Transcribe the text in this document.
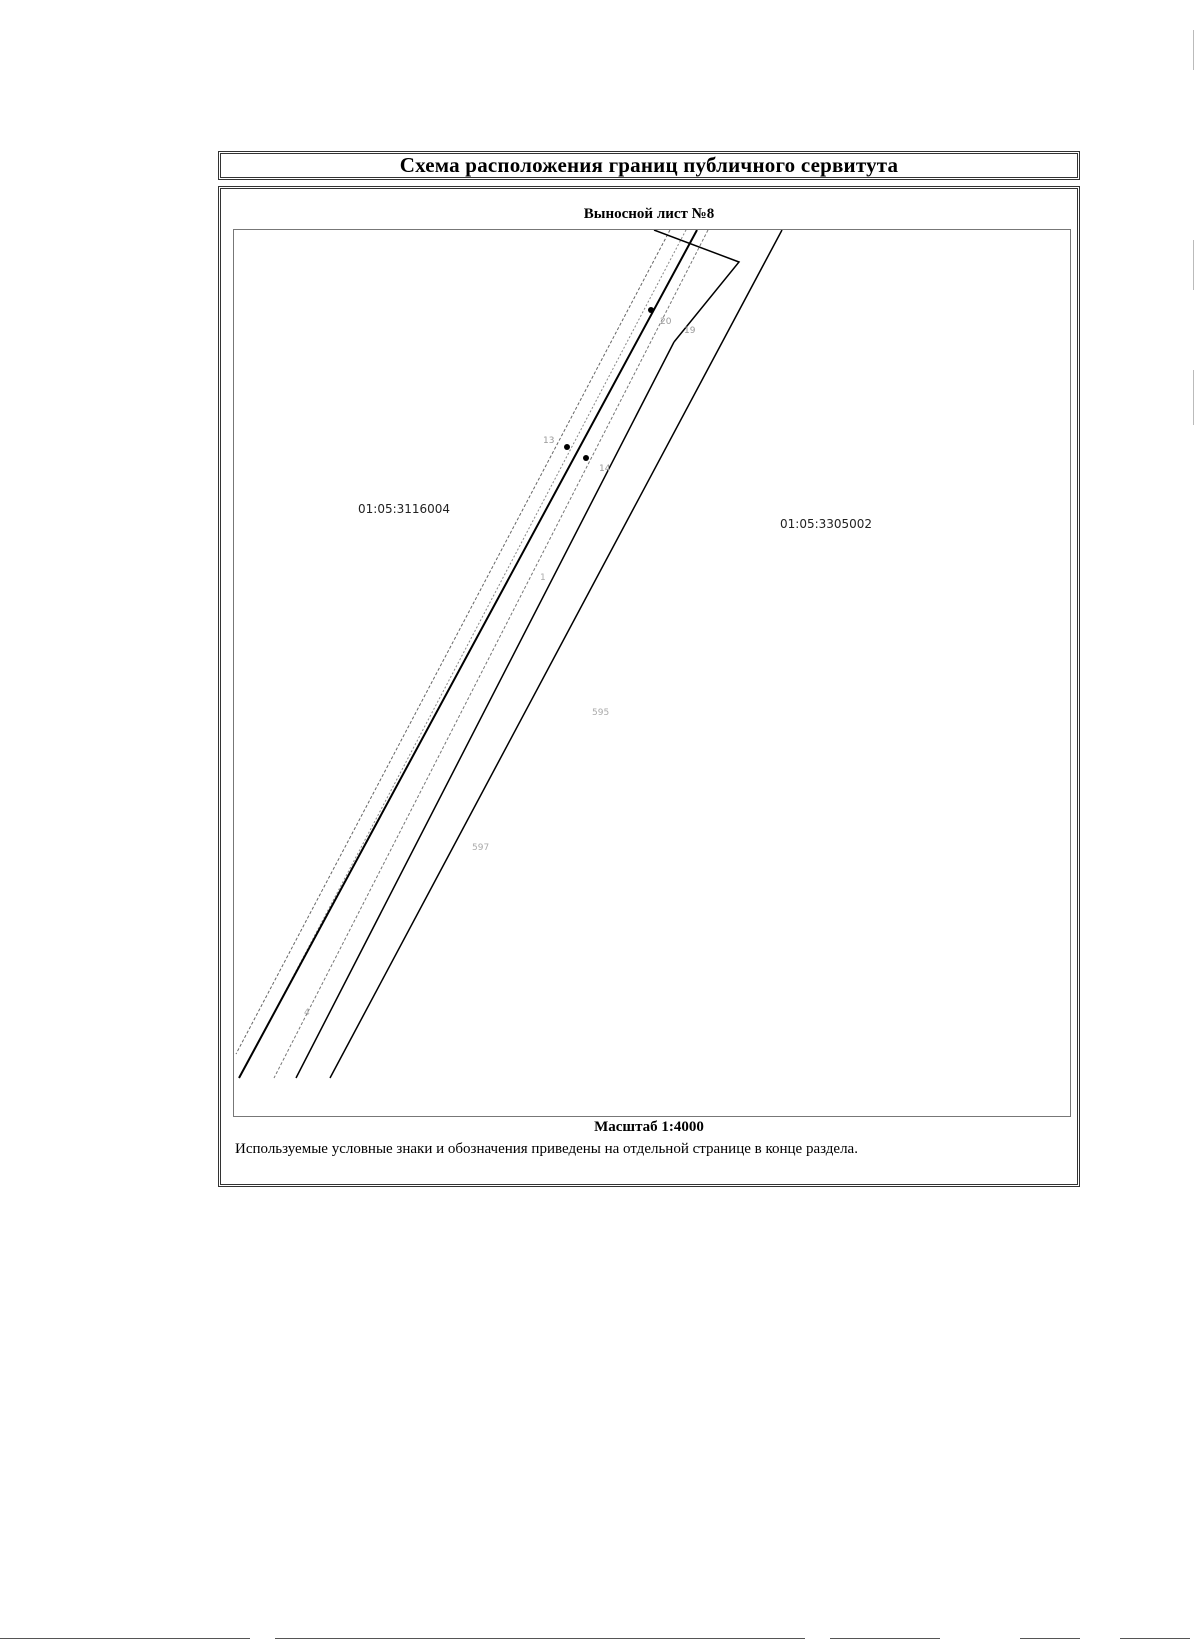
Схема расположения границ публичного сервитута
Выносной лист №8
20
19
13
14
1
595
597
4
01:05:3116004
01:05:3305002
Масштаб 1:4000
Используемые условные знаки и обозначения приведены на отдельной странице в конце раздела.
